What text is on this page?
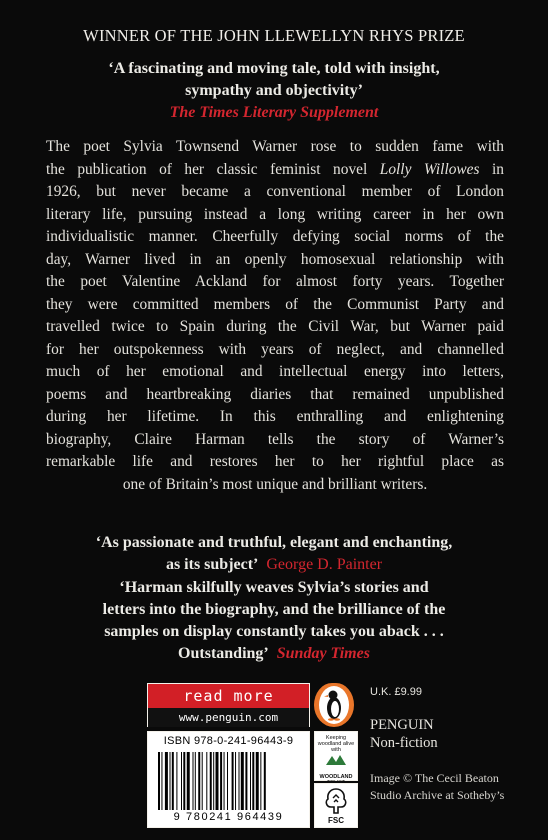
WINNER OF THE JOHN LLEWELLYN RHYS PRIZE
‘A fascinating and moving tale, told with insight,
sympathy and objectivity’
The Times Literary Supplement
The poet Sylvia Townsend Warner rose to sudden fame with
the publication of her classic feminist novel Lolly Willowes in
1926, but never became a conventional member of London
literary life, pursuing instead a long writing career in her own
individualistic manner. Cheerfully defying social norms of the
day, Warner lived in an openly homosexual relationship with
the poet Valentine Ackland for almost forty years. Together
they were committed members of the Communist Party and
travelled twice to Spain during the Civil War, but Warner paid
for her outspokenness with years of neglect, and channelled
much of her emotional and intellectual energy into letters,
poems and heartbreaking diaries that remained unpublished
during her lifetime. In this enthralling and enlightening
biography, Claire Harman tells the story of Warner’s
remarkable life and restores her to her rightful place as
one of Britain’s most unique and brilliant writers.
‘As passionate and truthful, elegant and enchanting,
as its subject’ George D. Painter
‘Harman skilfully weaves Sylvia’s stories and
letters into the biography, and the brilliance of the
samples on display constantly takes you aback . . .
Outstanding’ Sunday Times
read more
www.penguin.com
U.K. £9.99
PENGUIN
Non-fiction
Image © The Cecil Beaton
Studio Archive at Sotheby’s
ISBN 978-0-241-96443-9
9 780241 964439
Keeping woodland alive with
WOODLAND
FSC
